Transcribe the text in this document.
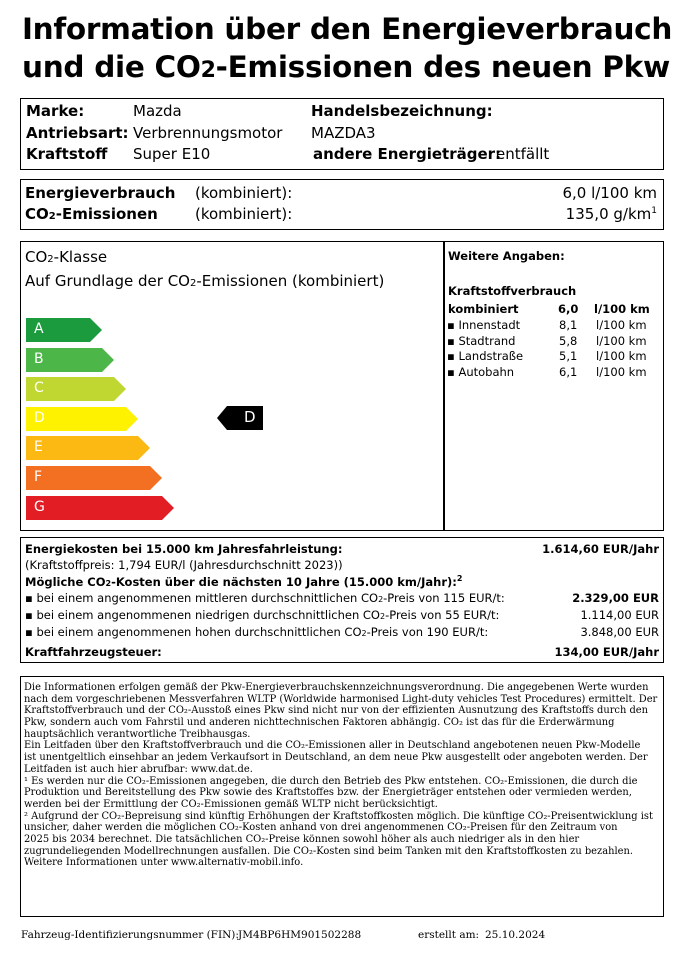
Information über den Energieverbrauch
und die CO2-Emissionen des neuen Pkw
Marke:	Mazda
Antriebsart: Verbrennungsmotor
Kraftstoff Super E10
Handelsbezeichnung:
MAZDA3
andere Energieträger:
entfällt
Energieverbrauch (kombiniert):	6,0 l/100 km
CO2-Emissionen (kombiniert):	135,0 $g/km^1$
CO2-Klasse
Auf Grundlage der CO2-Emissionen (kombiniert)
A
B
C
D
E
F
G
D
Weitere Angaben:
Kraftstoffverbrauch
kombiniert	6,0 l/100 km
▪ Innenstadt	8,1 l/100 km
▪ Stadtrand	5,8 l/100 km
▪ Landstraße	5,1 l/100 km
▪ Autobahn	6,1 l/100 km
Energiekosten bei 15.000 km Jahresfahrleistung:	1.614,60 EUR/Jahr
(Kraftstoffpreis: 1,794 EUR/l (Jahresdurchschnitt 2023))
Mögliche CO2-Kosten über die nächsten 10 Jahre (15.000 km/Jahr):$^2$
▪ bei einem angenommenen mittleren durchschnittlichen CO2-Preis von 115 EUR/t:	2.329,00 EUR
▪ bei einem angenommenen niedrigen durchschnittlichen CO2-Preis von 55 EUR/t:	1.114,00 EUR
▪ bei einem angenommenen hohen durchschnittlichen CO2-Preis von 190 EUR/t:	3.848,00 EUR
Kraftfahrzeugsteuer:	134,00 EUR/Jahr
Die Informationen erfolgen gemäß der Pkw-Energieverbrauchskennzeichnungsverordnung. Die angegebenen Werte wurden
nach dem vorgeschriebenen Messverfahren WLTP (Worldwide harmonised Light-duty vehicles Test Procedures) ermittelt. Der
Kraftstoffverbrauch und der CO₂-Ausstoß eines Pkw sind nicht nur von der effizienten Ausnutzung des Kraftstoffs durch den
Pkw, sondern auch vom Fahrstil und anderen nichttechnischen Faktoren abhängig. CO₂ ist das für die Erderwärmung
hauptsächlich verantwortliche Treibhausgas.
Ein Leitfaden über den Kraftstoffverbrauch und die CO₂-Emissionen aller in Deutschland angebotenen neuen Pkw-Modelle
ist unentgeltlich einsehbar an jedem Verkaufsort in Deutschland, an dem neue Pkw ausgestellt oder angeboten werden. Der
Leitfaden ist auch hier abrufbar: www.dat.de.
¹ Es werden nur die CO₂-Emissionen angegeben, die durch den Betrieb des Pkw entstehen. CO₂-Emissionen, die durch die
Produktion und Bereitstellung des Pkw sowie des Kraftstoffes bzw. der Energieträger entstehen oder vermieden werden,
werden bei der Ermittlung der CO₂-Emissionen gemäß WLTP nicht berücksichtigt.
² Aufgrund der CO₂-Bepreisung sind künftig Erhöhungen der Kraftstoffkosten möglich. Die künftige CO₂-Preisentwicklung ist
unsicher, daher werden die möglichen CO₂-Kosten anhand von drei angenommenen CO₂-Preisen für den Zeitraum von
2025 bis 2034 berechnet. Die tatsächlichen CO₂-Preise können sowohl höher als auch niedriger als in den hier
zugrundeliegenden Modellrechnungen ausfallen. Die CO₂-Kosten sind beim Tanken mit den Kraftstoffkosten zu bezahlen.
Weitere Informationen unter www.alternativ-mobil.info.
Fahrzeug-Identifizierungsnummer (FIN): JM4BP6HM901502288	erstellt am: 25.10.2024
